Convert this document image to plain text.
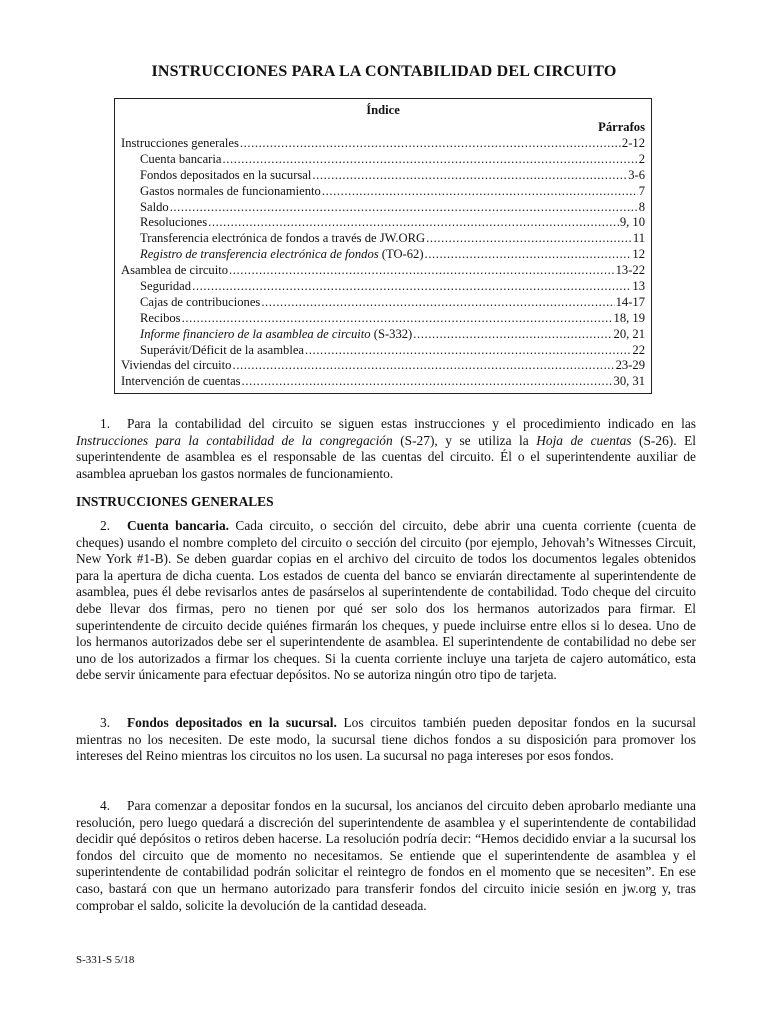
INSTRUCCIONES PARA LA CONTABILIDAD DEL CIRCUITO
Índice
Párrafos
Instrucciones generales .....	2-12
Cuenta bancaria .....	2
Fondos depositados en la sucursal .....	3-6
Gastos normales de funcionamiento .....	7
Saldo .....	8
Resoluciones .....	9, 10
Transferencia electrónica de fondos a través de JW.ORG .....	11
Registro de transferencia electrónica de fondos (TO-62) .....	12
Asamblea de circuito .....	13-22
Seguridad .....	13
Cajas de contribuciones .....	14-17
Recibos .....	18, 19
Informe financiero de la asamblea de circuito (S-332) .....	20, 21
Superávit/Déficit de la asamblea .....	22
Viviendas del circuito .....	23-29
Intervención de cuentas .....	30, 31

1. Para la contabilidad del circuito se siguen estas instrucciones y el procedimiento indicado en las Instrucciones para la contabilidad de la congregación (S-27), y se utiliza la Hoja de cuentas (S-26). El superintendente de asamblea es el responsable de las cuentas del circuito. Él o el superintendente auxiliar de asamblea aprueban los gastos normales de funcionamiento.

INSTRUCCIONES GENERALES

2. Cuenta bancaria. Cada circuito, o sección del circuito, debe abrir una cuenta corriente (cuenta de cheques) usando el nombre completo del circuito o sección del circuito (por ejemplo, Jehovah’s Witnesses Circuit, New York #1-B). Se deben guardar copias en el archivo del circuito de todos los documentos legales obtenidos para la apertura de dicha cuenta. Los estados de cuenta del banco se enviarán directamente al superintendente de asamblea, pues él debe revisarlos antes de pasárselos al superintendente de contabilidad. Todo cheque del circuito debe llevar dos firmas, pero no tienen por qué ser solo dos los hermanos autorizados para firmar. El superintendente de circuito decide quiénes firmarán los cheques, y puede incluirse entre ellos si lo desea. Uno de los hermanos autorizados debe ser el superintendente de asamblea. El superintendente de contabilidad no debe ser uno de los autorizados a firmar los cheques. Si la cuenta corriente incluye una tarjeta de cajero automático, esta debe servir únicamente para efectuar depósitos. No se autoriza ningún otro tipo de tarjeta.

3. Fondos depositados en la sucursal. Los circuitos también pueden depositar fondos en la sucursal mientras no los necesiten. De este modo, la sucursal tiene dichos fondos a su disposición para promover los intereses del Reino mientras los circuitos no los usen. La sucursal no paga intereses por esos fondos.

4. Para comenzar a depositar fondos en la sucursal, los ancianos del circuito deben aprobarlo mediante una resolución, pero luego quedará a discreción del superintendente de asamblea y el superintendente de contabilidad decidir qué depósitos o retiros deben hacerse. La resolución podría decir: “Hemos decidido enviar a la sucursal los fondos del circuito que de momento no necesitamos. Se entiende que el superintendente de asamblea y el superintendente de contabilidad podrán solicitar el reintegro de fondos en el momento que se necesiten”. En ese caso, bastará con que un hermano autorizado para transferir fondos del circuito inicie sesión en jw.org y, tras comprobar el saldo, solicite la devolución de la cantidad deseada.

S-331-S 5/18
